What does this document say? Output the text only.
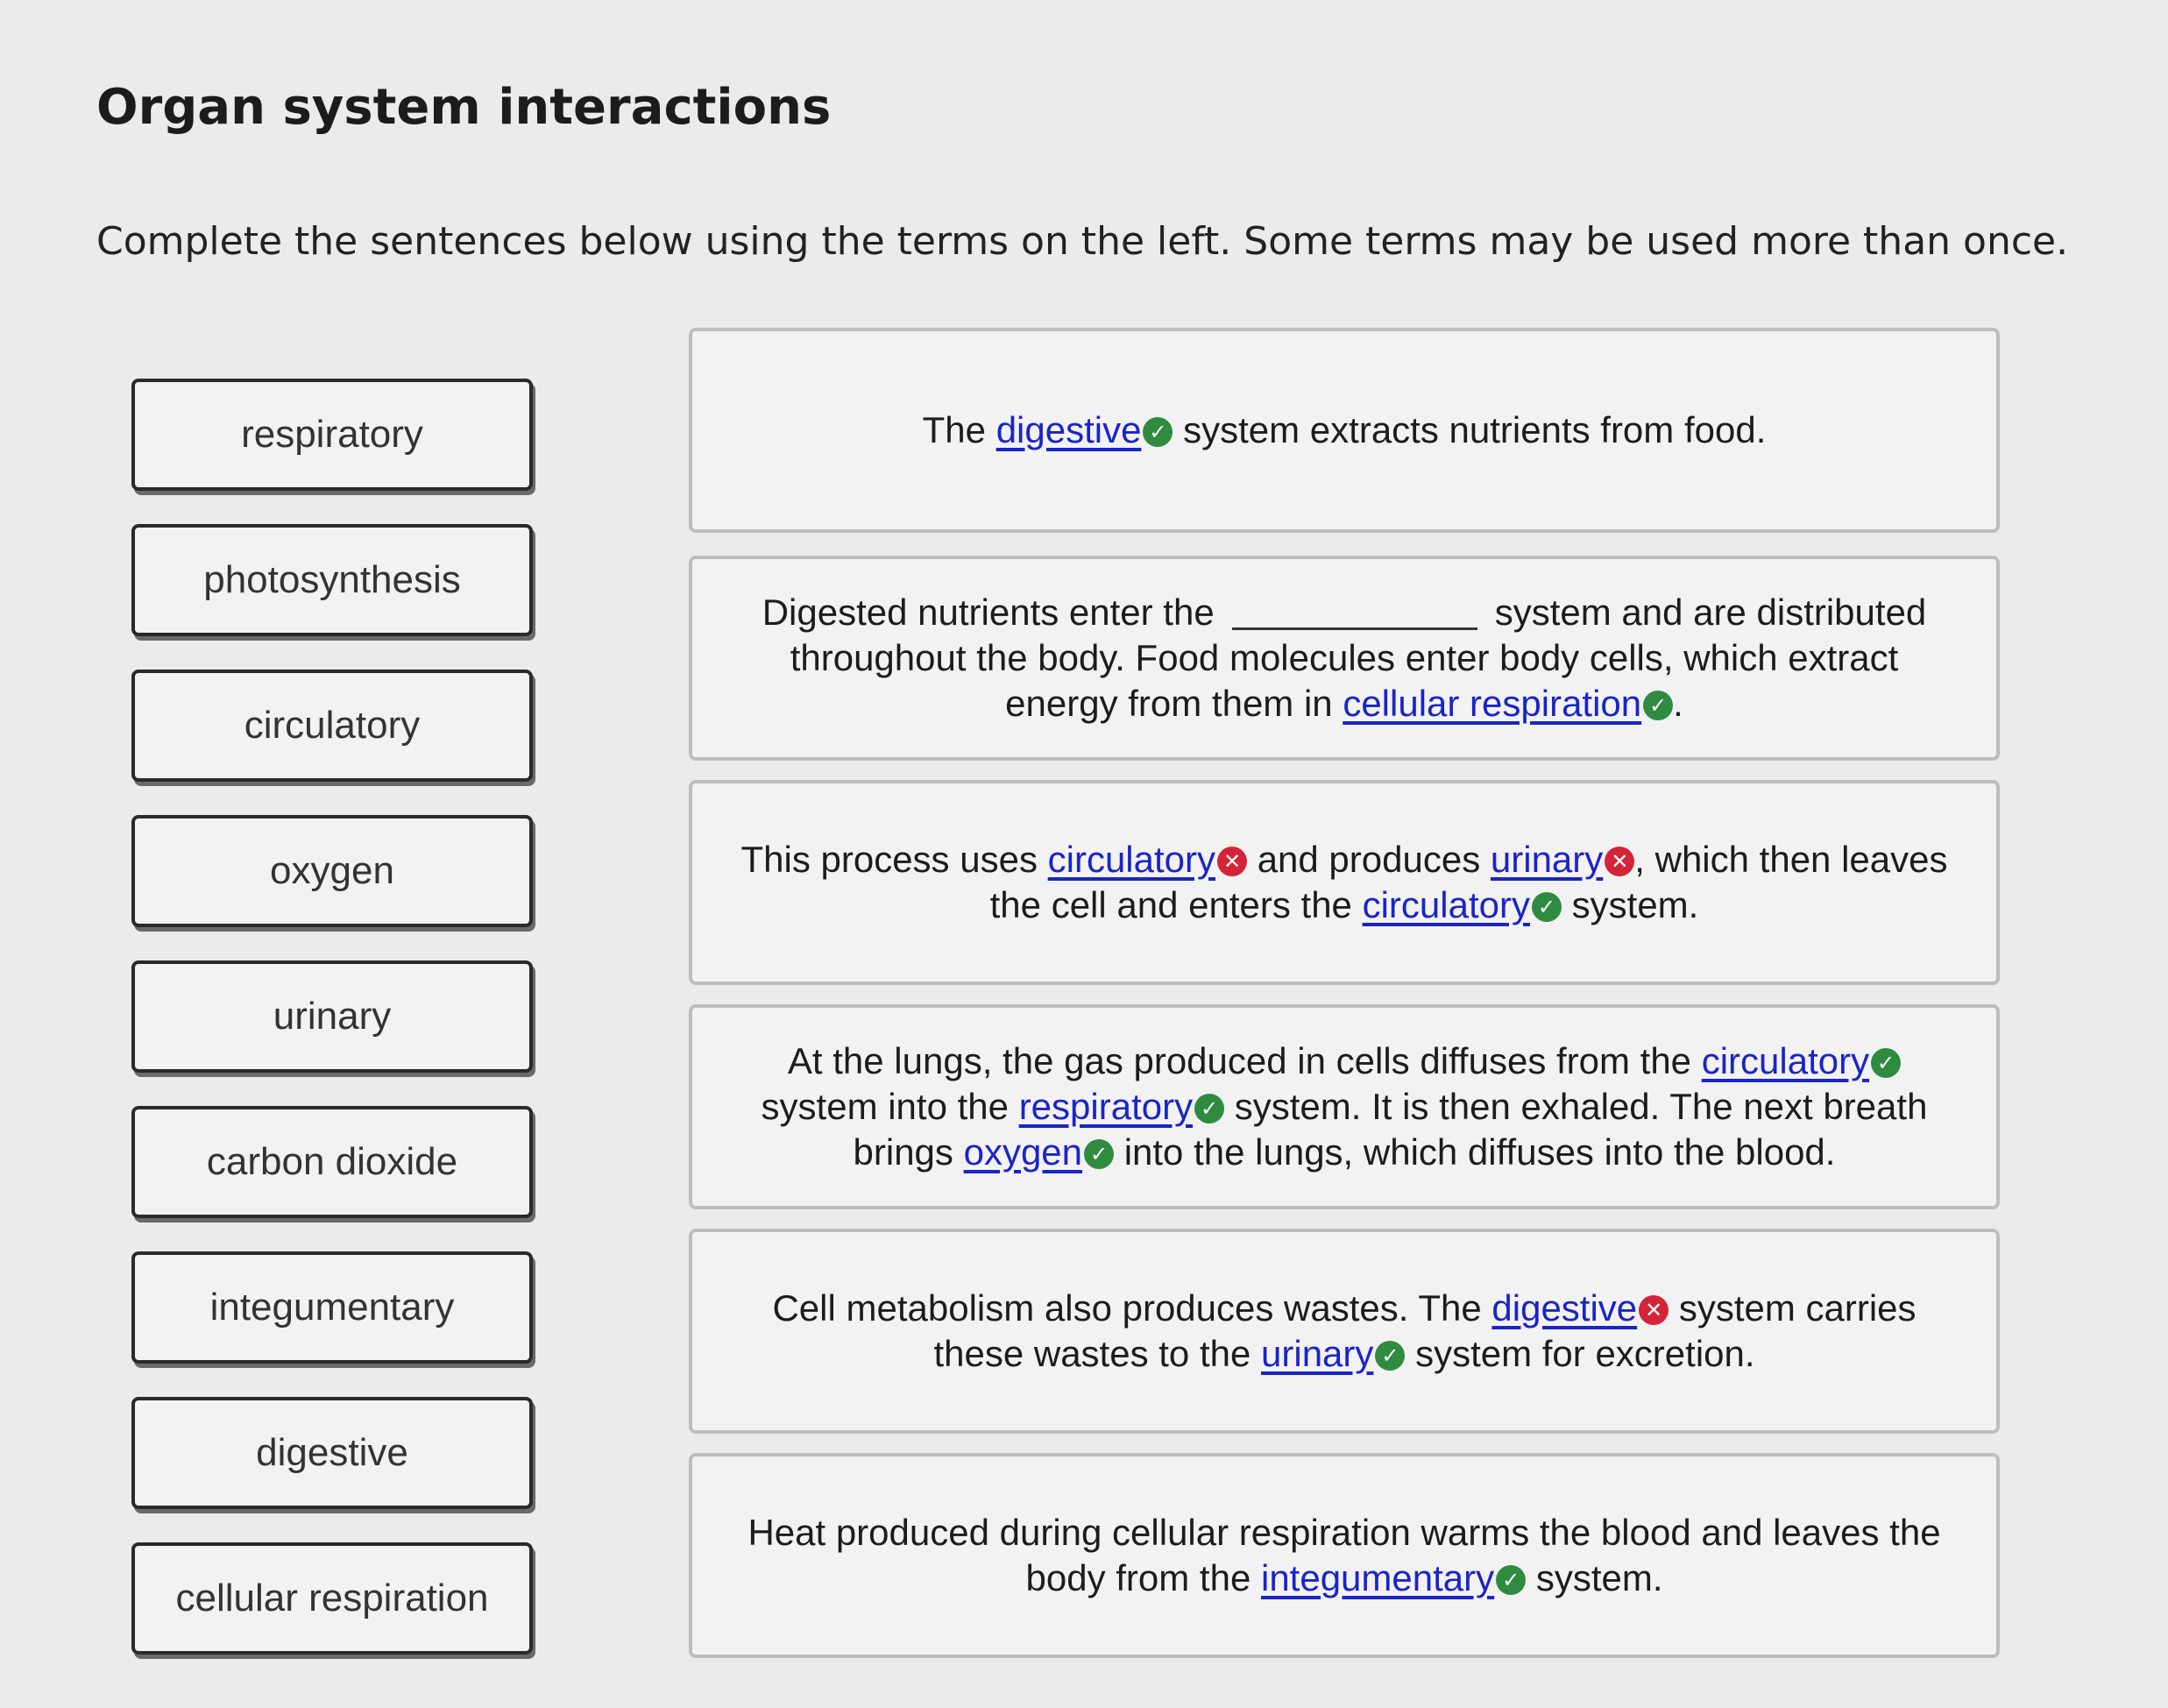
Organ system interactions

Complete the sentences below using the terms on the left. Some terms may be used more than once.

respiratory
photosynthesis
circulatory
oxygen
urinary
carbon dioxide
integumentary
digestive
cellular respiration
The digestive ✓ system extracts nutrients from food.
Digested nutrients enter the	system and are distributed throughout the body. Food molecules enter body cells, which extract energy from them in cellular respiration ✓ .
This process uses circulatory ✕ and produces urinary ✕ , which then leaves the cell and enters the circulatory ✓ system.
At the lungs, the gas produced in cells diffuses from the circulatory ✓ system into the respiratory ✓ system. It is then exhaled. The next breath brings oxygen ✓ into the lungs, which diffuses into the blood.
Cell metabolism also produces wastes. The digestive ✕ system carries these wastes to the urinary ✓ system for excretion.
Heat produced during cellular respiration warms the blood and leaves the body from the integumentary ✓ system.
